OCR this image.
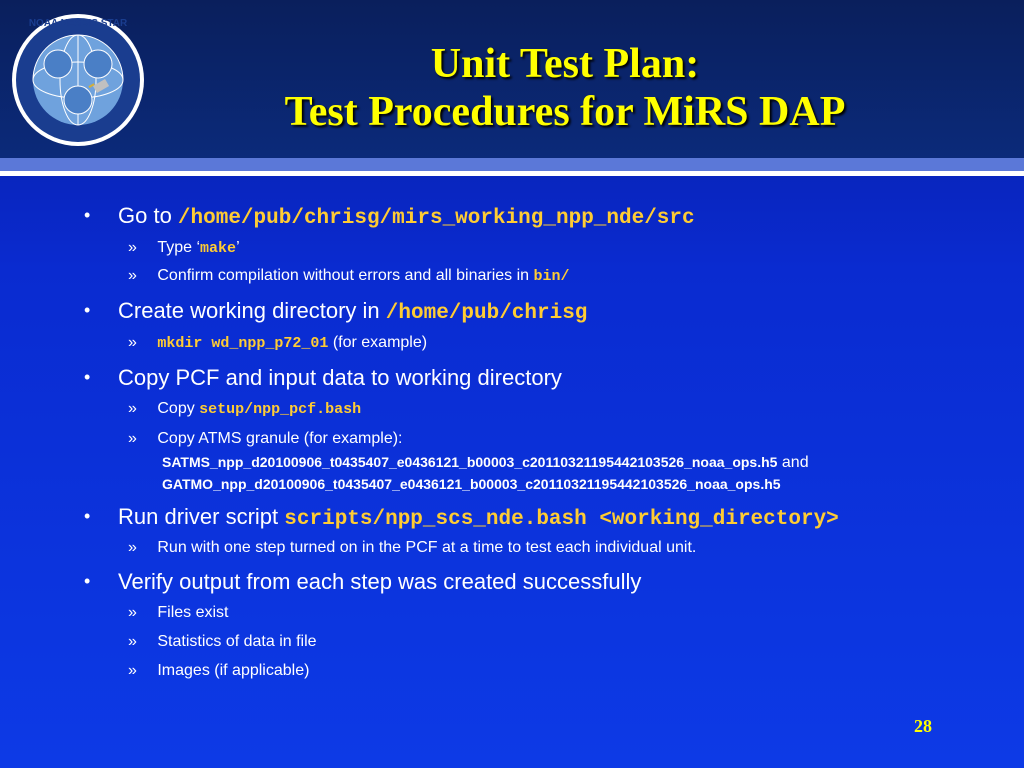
NOAA NESDIS STAR
Unit Test Plan:
Test Procedures for MiRS DAP
• Go to /home/pub/chrisg/mirs_working_npp_nde/src
» Type ‘make’
» Confirm compilation without errors and all binaries in bin/
• Create working directory in /home/pub/chrisg
» mkdir wd_npp_p72_01 (for example)
• Copy PCF and input data to working directory
» Copy setup/npp_pcf.bash
» Copy ATMS granule (for example):
SATMS_npp_d20100906_t0435407_e0436121_b00003_c20110321195442103526_noaa_ops.h5 and
GATMO_npp_d20100906_t0435407_e0436121_b00003_c20110321195442103526_noaa_ops.h5
• Run driver script scripts/npp_scs_nde.bash <working_directory>
» Run with one step turned on in the PCF at a time to test each individual unit.
• Verify output from each step was created successfully
» Files exist
» Statistics of data in file
» Images (if applicable)
28
